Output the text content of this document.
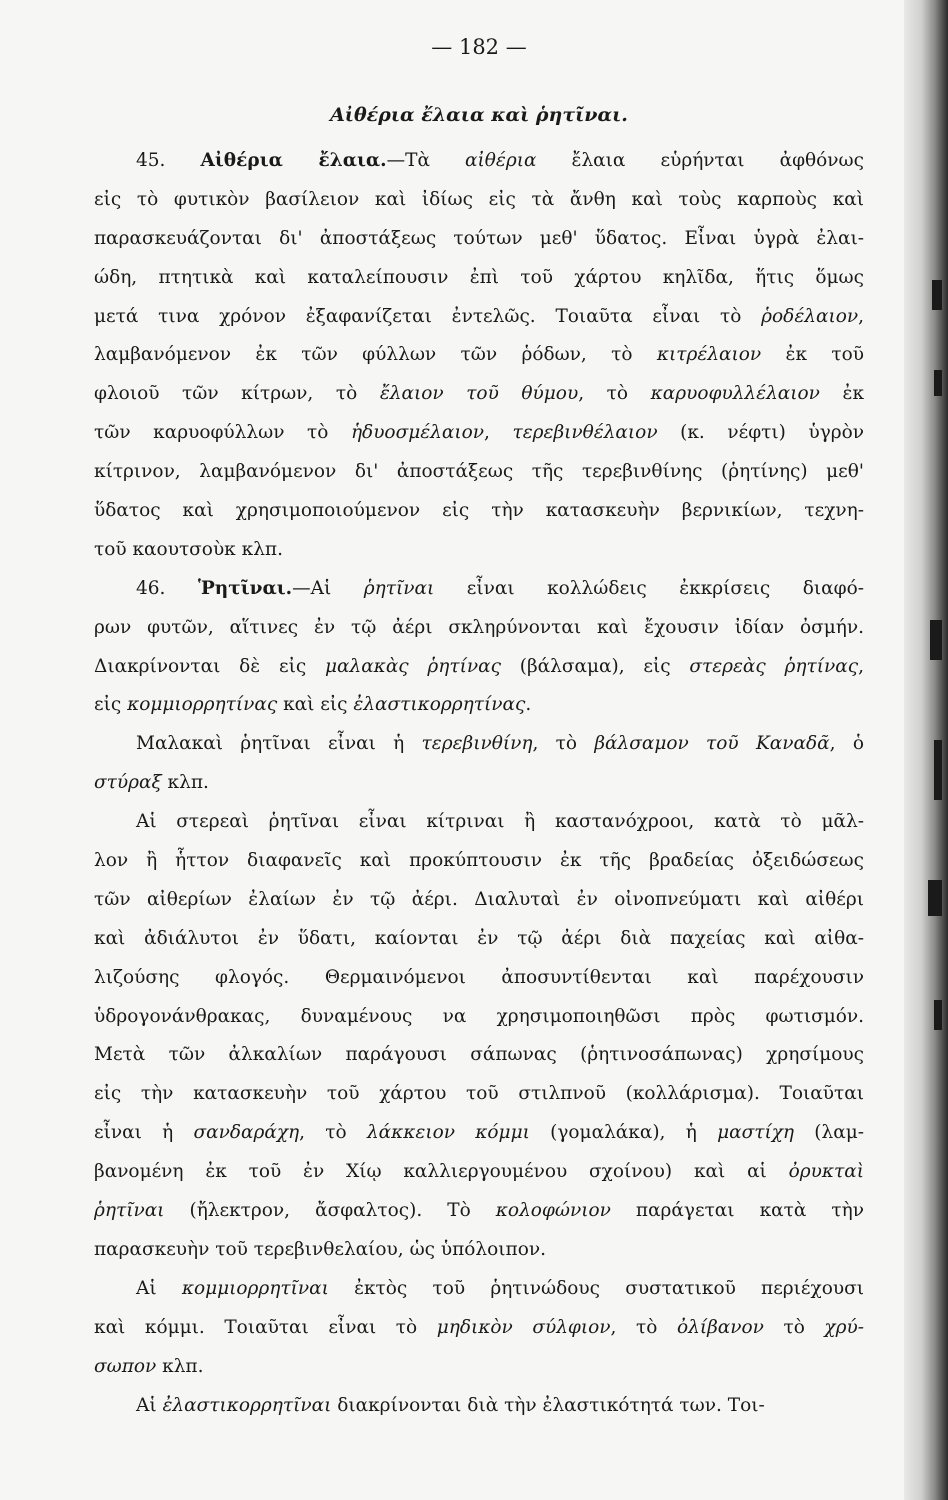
— 182 —
Αἰθέρια ἔλαια καὶ ῥητῖναι.
45. Αἰθέρια ἔλαια.—Τὰ αἰθέρια ἔλαια εὑρήνται ἀφθόνως
εἰς τὸ φυτικὸν βασίλειον καὶ ἰδίως εἰς τὰ ἄνθη καὶ τοὺς καρποὺς καὶ
παρασκευάζονται δι' ἀποστάξεως τούτων μεθ' ὕδατος. Εἶναι ὑγρὰ ἐλαι-
ώδη, πτητικὰ καὶ καταλείπουσιν ἐπὶ τοῦ χάρτου κηλῖδα, ἥτις ὅμως
μετά τινα χρόνον ἐξαφανίζεται ἐντελῶς. Τοιαῦτα εἶναι τὸ ῥοδέλαιον,
λαμβανόμενον ἐκ τῶν φύλλων τῶν ῥόδων, τὸ κιτρέλαιον ἐκ τοῦ
φλοιοῦ τῶν κίτρων, τὸ ἔλαιον τοῦ θύμου, τὸ καρυοφυλλέλαιον ἐκ
τῶν καρυοφύλλων τὸ ἡδυοσμέλαιον, τερεβινθέλαιον (κ. νέφτι) ὑγρὸν
κίτρινον, λαμβανόμενον δι' ἀποστάξεως τῆς τερεβινθίνης (ῥητίνης) μεθ'
ὕδατος καὶ χρησιμοποιούμενον εἰς τὴν κατασκευὴν βερνικίων, τεχνη-
τοῦ καουτσοὺκ κλπ.
46. Ῥητῖναι.—Αἱ ῥητῖναι εἶναι κολλώδεις ἐκκρίσεις διαφό-
ρων φυτῶν, αἵτινες ἐν τῷ ἀέρι σκληρύνονται καὶ ἔχουσιν ἰδίαν ὀσμήν.
Διακρίνονται δὲ εἰς μαλακὰς ῥητίνας (βάλσαμα), εἰς στερεὰς ῥητίνας,
εἰς κομμιορρητίνας καὶ εἰς ἐλαστικορρητίνας.
Μαλακαὶ ῥητῖναι εἶναι ἡ τερεβινθίνη, τὸ βάλσαμον τοῦ Καναδᾶ, ὁ
στύραξ κλπ.
Αἱ στερεαὶ ῥητῖναι εἶναι κίτριναι ἢ καστανόχροοι, κατὰ τὸ μᾶλ-
λον ἢ ἧττον διαφανεῖς καὶ προκύπτουσιν ἐκ τῆς βραδείας ὀξειδώσεως
τῶν αἰθερίων ἐλαίων ἐν τῷ ἀέρι. Διαλυταὶ ἐν οἰνοπνεύματι καὶ αἰθέρι
καὶ ἀδιάλυτοι ἐν ὕδατι, καίονται ἐν τῷ ἀέρι διὰ παχείας καὶ αἰθα-
λιζούσης φλογός. Θερμαινόμενοι ἀποσυντίθενται καὶ παρέχουσιν
ὑδρογονάνθρακας, δυναμένους να χρησιμοποιηθῶσι πρὸς φωτισμόν.
Μετὰ τῶν ἀλκαλίων παράγουσι σάπωνας (ῥητινοσάπωνας) χρησίμους
εἰς τὴν κατασκευὴν τοῦ χάρτου τοῦ στιλπνοῦ (κολλάρισμα). Τοιαῦται
εἶναι ἡ σανδαράχη, τὸ λάκκειον κόμμι (γομαλάκα), ἡ μαστίχη (λαμ-
βανομένη ἐκ τοῦ ἐν Χίῳ καλλιεργουμένου σχοίνου) καὶ αἱ ὀρυκταὶ
ῥητῖναι (ἤλεκτρον, ἄσφαλτος). Τὸ κολοφώνιον παράγεται κατὰ τὴν
παρασκευὴν τοῦ τερεβινθελαίου, ὡς ὑπόλοιπον.
Αἱ κομμιορρητῖναι ἐκτὸς τοῦ ῥητινώδους συστατικοῦ περιέχουσι
καὶ κόμμι. Τοιαῦται εἶναι τὸ μηδικὸν σύλφιον, τὸ ὀλίβανον τὸ χρύ-
σωπον κλπ.
Αἱ ἐλαστικορρητῖναι διακρίνονται διὰ τὴν ἐλαστικότητά των. Τοι-
